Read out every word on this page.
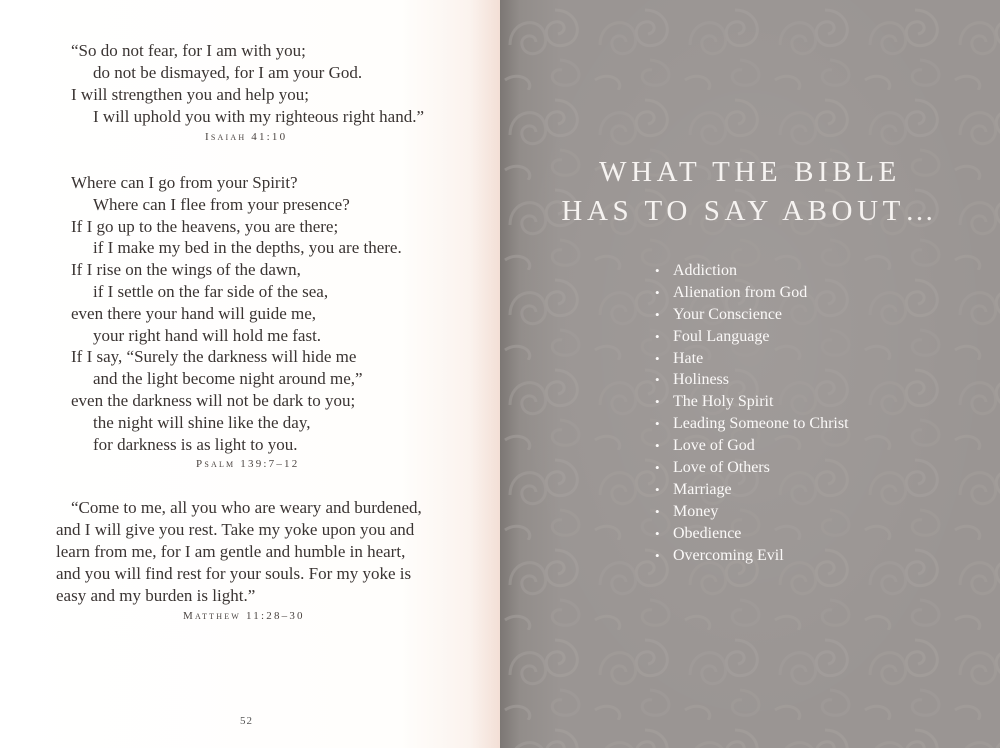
“So do not fear, for I am with you;
do not be dismayed, for I am your God.
I will strengthen you and help you;
I will uphold you with my righteous right hand.”
Isaiah 41:10
Where can I go from your Spirit?
Where can I flee from your presence?
If I go up to the heavens, you are there;
if I make my bed in the depths, you are there.
If I rise on the wings of the dawn,
if I settle on the far side of the sea,
even there your hand will guide me,
your right hand will hold me fast.
If I say, “Surely the darkness will hide me
and the light become night around me,”
even the darkness will not be dark to you;
the night will shine like the day,
for darkness is as light to you.
Psalm 139:7–12
“Come to me, all you who are weary and burdened,
and I will give you rest. Take my yoke upon you and
learn from me, for I am gentle and humble in heart,
and you will find rest for your souls. For my yoke is
easy and my burden is light.”
Matthew 11:28–30
52
WHAT THE BIBLE
HAS TO SAY ABOUT…
• Addiction
• Alienation from God
• Your Conscience
• Foul Language
• Hate
• Holiness
• The Holy Spirit
• Leading Someone to Christ
• Love of God
• Love of Others
• Marriage
• Money
• Obedience
• Overcoming Evil
